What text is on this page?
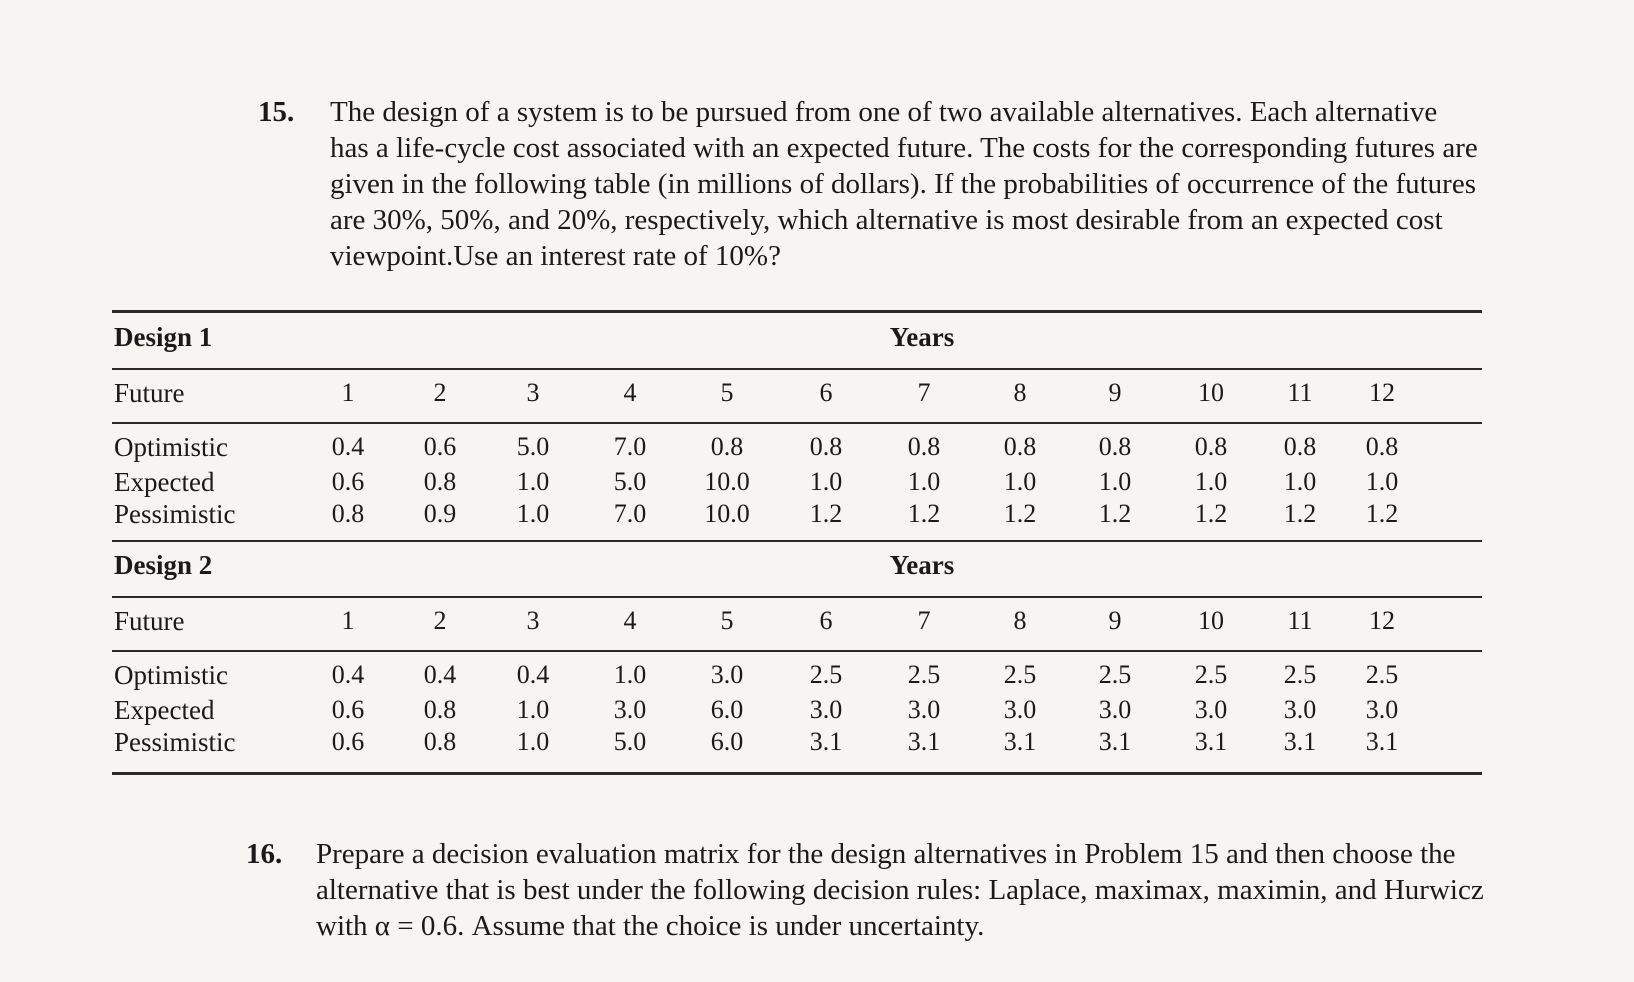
15. The design of a system is to be pursued from one of two available alternatives. Each alternative has a life-cycle cost associated with an expected future. The costs for the corresponding futures are given in the following table (in millions of dollars). If the probabilities of occurrence of the futures are 30%, 50%, and 20%, respectively, which alternative is most desirable from an expected cost viewpoint.Use an interest rate of 10%?
Design 1	Years
Future	1	2	3	4	5	6	7	8	9	10	11	12
Optimistic	0.4	0.6	5.0	7.0	0.8	0.8	0.8	0.8	0.8	0.8	0.8	0.8
Expected	0.6	0.8	1.0	5.0	10.0	1.0	1.0	1.0	1.0	1.0	1.0	1.0
Pessimistic	0.8	0.9	1.0	7.0	10.0	1.2	1.2	1.2	1.2	1.2	1.2	1.2
Design 2	Years
Future	1	2	3	4	5	6	7	8	9	10	11	12
Optimistic	0.4	0.4	0.4	1.0	3.0	2.5	2.5	2.5	2.5	2.5	2.5	2.5
Expected	0.6	0.8	1.0	3.0	6.0	3.0	3.0	3.0	3.0	3.0	3.0	3.0
Pessimistic	0.6	0.8	1.0	5.0	6.0	3.1	3.1	3.1	3.1	3.1	3.1	3.1
16. Prepare a decision evaluation matrix for the design alternatives in Problem 15 and then choose the alternative that is best under the following decision rules: Laplace, maximax, maximin, and Hurwicz with α = 0.6. Assume that the choice is under uncertainty.
